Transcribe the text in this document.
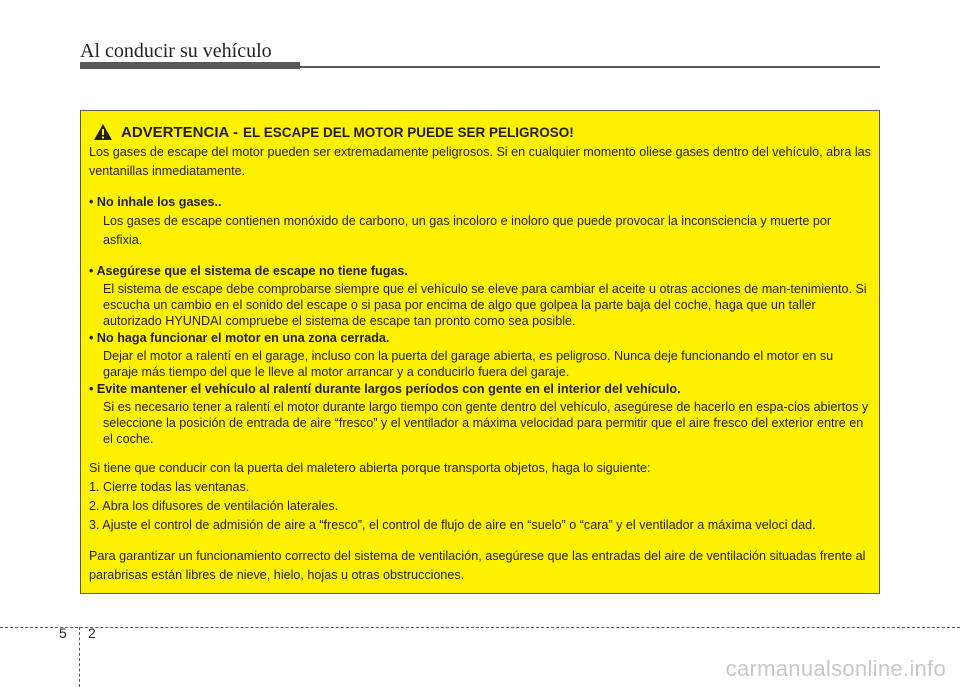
Al conducir su vehículo
ADVERTENCIA - EL ESCAPE DEL MOTOR PUEDE SER PELIGROSO!

Los gases de escape del motor pueden ser extremadamente peligrosos. Si en cualquier momento oliese gases dentro del vehículo, abra las ventanillas inmediatamente.

• No inhale los gases..

Los gases de escape contienen monóxido de carbono, un gas incoloro e inoloro que puede provocar la inconsciencia y muerte por asfixia.

• Asegúrese que el sistema de escape no tiene fugas.

El sistema de escape debe comprobarse siempre que el vehículo se eleve para cambiar el aceite u otras acciones de man-tenimiento. Si escucha un cambio en el sonido del escape o si pasa por encima de algo que golpea la parte baja del coche, haga que un taller autorizado HYUNDAI compruebe el sistema de escape tan pronto como sea posible.

• No haga funcionar el motor en una zona cerrada.

Dejar el motor a ralentí en el garage, incluso con la puerta del garage abierta, es peligroso. Nunca deje funcionando el motor en su garaje más tiempo del que le lleve al motor arrancar y a conducirlo fuera del garaje.

• Evite mantener el vehículo al ralentí durante largos períodos con gente en el interior del vehículo.

Si es necesario tener a ralentí el motor durante largo tiempo con gente dentro del vehículo, asegúrese de hacerlo en espa-cios abiertos y seleccione la posición de entrada de aire “fresco” y el ventilador a máxima velocidad para permitir que el aire fresco del exterior entre en el coche.

Si tiene que conducir con la puerta del maletero abierta porque transporta objetos, haga lo siguiente:

1. Cierre todas las ventanas.

2. Abra los difusores de ventilación laterales.

3. Ajuste el control de admisión de aire a “fresco”, el control de flujo de aire en “suelo” o “cara” y el ventilador a máxima veloci dad.

Para garantizar un funcionamiento correcto del sistema de ventilación, asegúrese que las entradas del aire de ventilación situadas frente al parabrisas están libres de nieve, hielo, hojas u otras obstrucciones.

5 2
carmanualsonline.info
